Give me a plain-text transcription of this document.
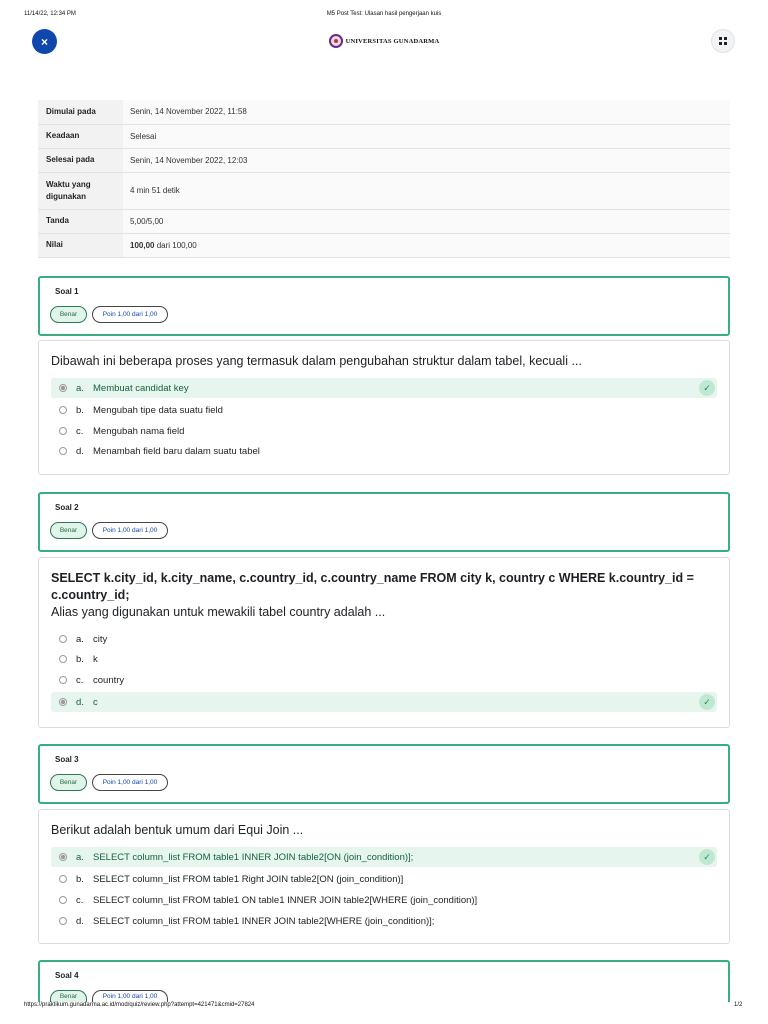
11/14/22, 12:34 PM	M5 Post Test: Ulasan hasil pengerjaan kuis
×	UNIVERSITAS GUNADARMA
Dimulai pada	Senin, 14 November 2022, 11:58
Keadaan	Selesai
Selesai pada	Senin, 14 November 2022, 12:03
Waktu yang digunakan	4 min 51 detik
Tanda	5,00/5,00
Nilai	100,00 dari 100,00
Soal 1
Benar	Poin 1,00 dari 1,00
Dibawah ini beberapa proses yang termasuk dalam pengubahan struktur dalam tabel, kecuali ...
a. Membuat candidat key	✓
b. Mengubah tipe data suatu field
c.	Mengubah nama field
d. Menambah field baru dalam suatu tabel
Soal 2
Benar	Poin 1,00 dari 1,00
SELECT k.city_id, k.city_name, c.country_id, c.country_name FROM city k, country c WHERE k.country_id = c.country_id;
Alias yang digunakan untuk mewakili tabel country adalah ...
a. city
b. k
c.	country
d. c	✓
Soal 3
Benar	Poin 1,00 dari 1,00
Berikut adalah bentuk umum dari Equi Join ...
a. SELECT column_list FROM table1 INNER JOIN table2[ON (join_condition)];	✓
b. SELECT column_list FROM table1 Right JOIN table2[ON (join_condition)]
c.	SELECT column_list FROM table1 ON table1 INNER JOIN table2[WHERE (join_condition)]
d. SELECT column_list FROM table1 INNER JOIN table2[WHERE (join_condition)];
Soal 4
Benar	Poin 1,00 dari 1,00
https://praktikum.gunadarma.ac.id/mod/quiz/review.php?attempt=421471&cmid=27824	1/2
